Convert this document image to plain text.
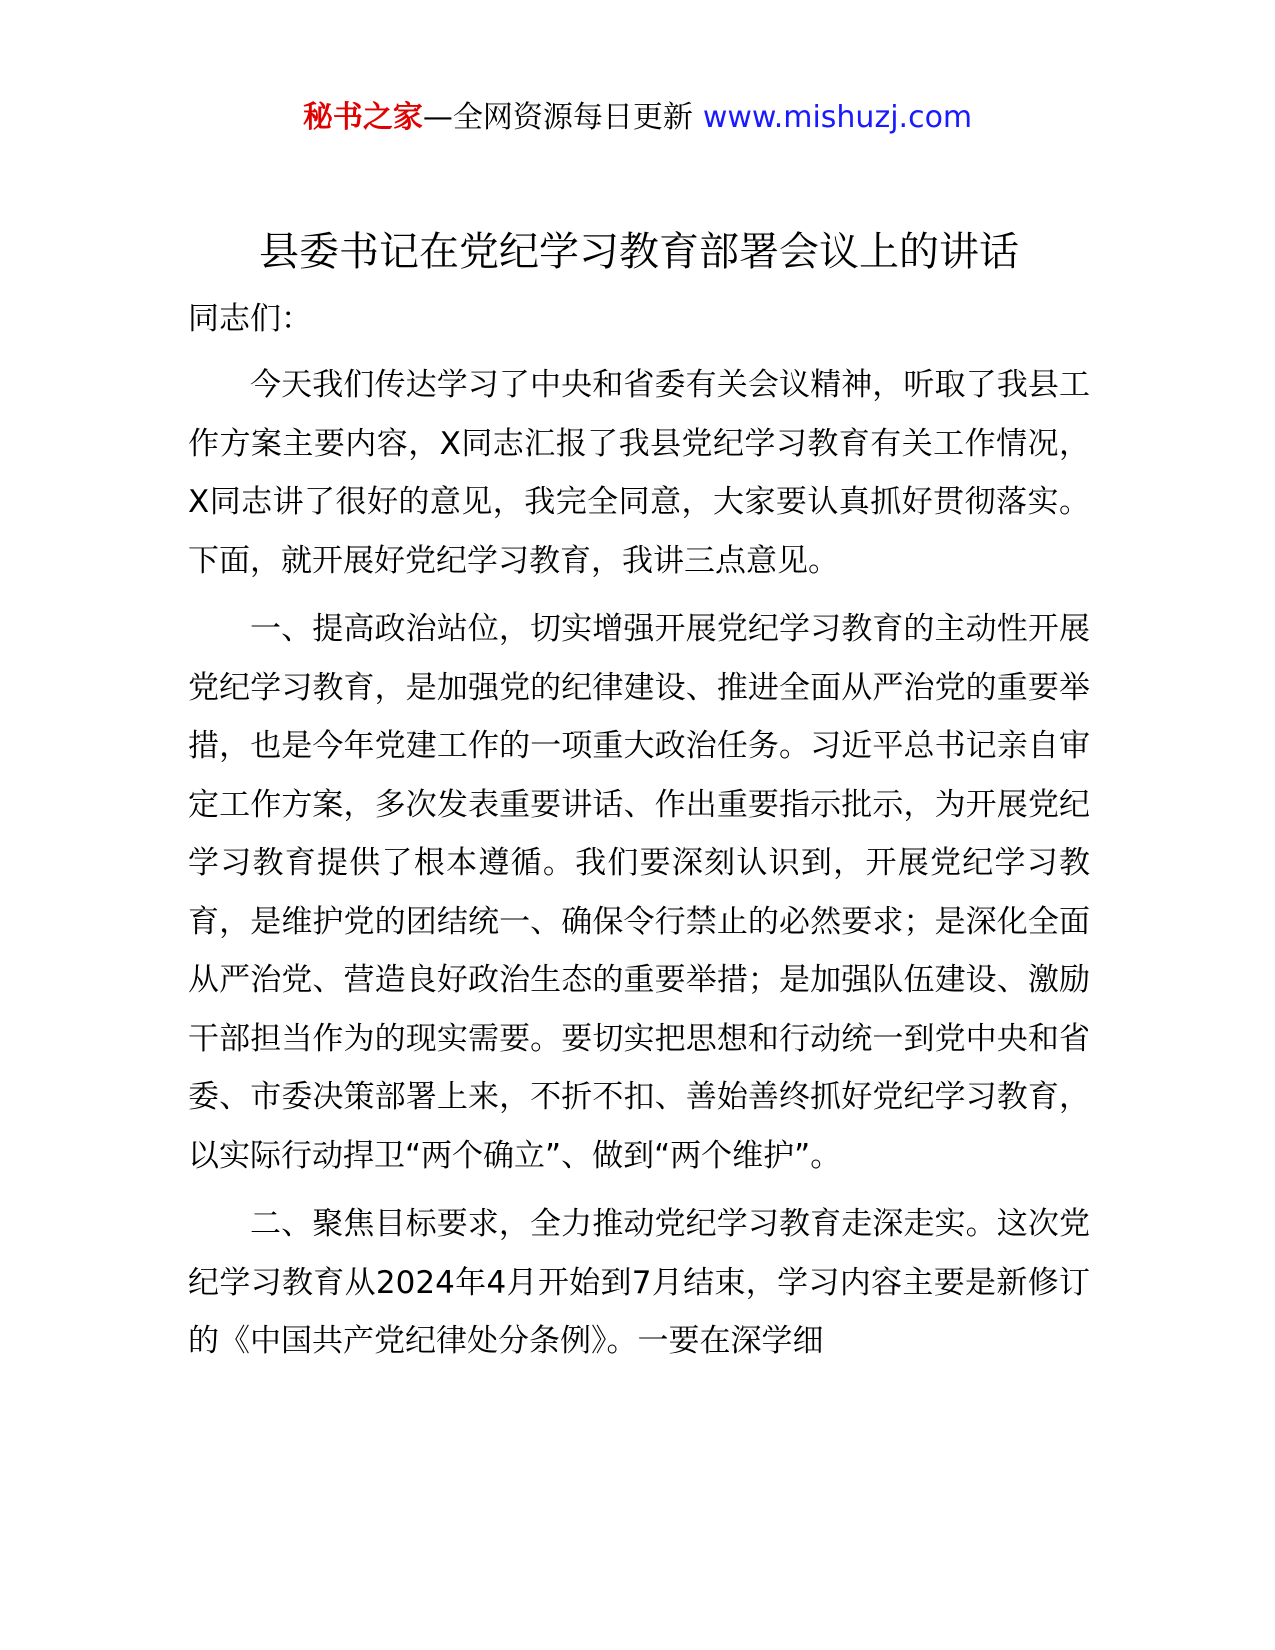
秘书之家—全网资源每日更新 www.mishuzj.com
县委书记在党纪学习教育部署会议上的讲话
同志们：

今天我们传达学习了中央和省委有关会议精神，听取了我县工作方案主要内容，X同志汇报了我县党纪学习教育有关工作情况，X同志讲了很好的意见，我完全同意，大家要认真抓好贯彻落实。下面，就开展好党纪学习教育，我讲三点意见。

一、提高政治站位，切实增强开展党纪学习教育的主动性开展党纪学习教育，是加强党的纪律建设、推进全面从严治党的重要举措，也是今年党建工作的一项重大政治任务。习近平总书记亲自审定工作方案，多次发表重要讲话、作出重要指示批示，为开展党纪学习教育提供了根本遵循。我们要深刻认识到，开展党纪学习教育，是维护党的团结统一、确保令行禁止的必然要求；是深化全面从严治党、营造良好政治生态的重要举措；是加强队伍建设、激励干部担当作为的现实需要。要切实把思想和行动统一到党中央和省委、市委决策部署上来，不折不扣、善始善终抓好党纪学习教育，以实际行动捍卫“两个确立”、做到“两个维护”。

二、聚焦目标要求，全力推动党纪学习教育走深走实。这次党纪学习教育从2024年4月开始到7月结束，学习内容主要是新修订的《中国共产党纪律处分条例》。一要在深学细
